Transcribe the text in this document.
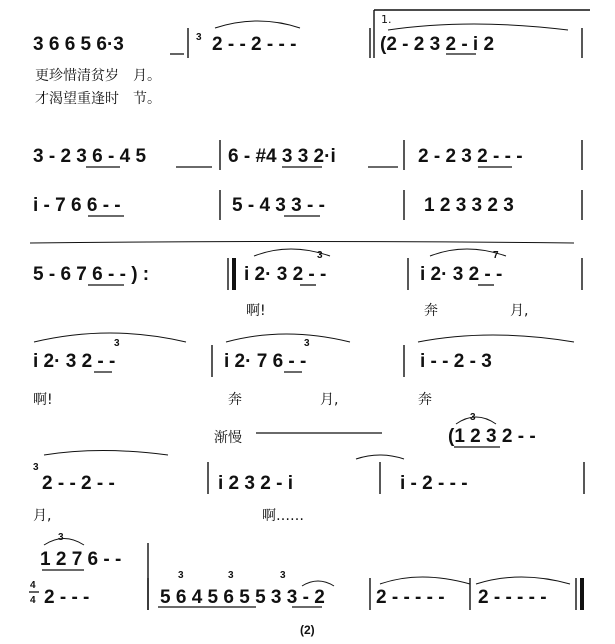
3 6 6 5 6·3	3 2 - - 2 - - -
1.
(2 - 2 3 2 - i 2
更珍惜清贫岁　月。
才渴望重逢时　节。
3 - 2 3 6 - 4 5	6 - #4 3 3 2·i	2 - 2 3 2 - - -
i - 7 6 6 - -	5 - 4 3 3 - -	1 2 3 3 2 3
5 - 6 7 6 - - ) :	i 2· 3 2 - -
3
i 2· 3 2 - -
7
啊!	奔	月,
i 2· 3 2 - -
3
i 2· 7 6 - -
3
i - - 2 - 3
啊!	奔	月,	奔
渐慢
3
(1 2 3 2 - -
3
2 - - 2 - -	i 2 3 2 - i	i - 2 - - -
月,	啊……
3
1 2 7 6 - -
4
4 2 - - -
3	3	3
5 6 4 5 6 5 5 3 3 - 2	2 - - - - - 2 - - - - -
(2)
